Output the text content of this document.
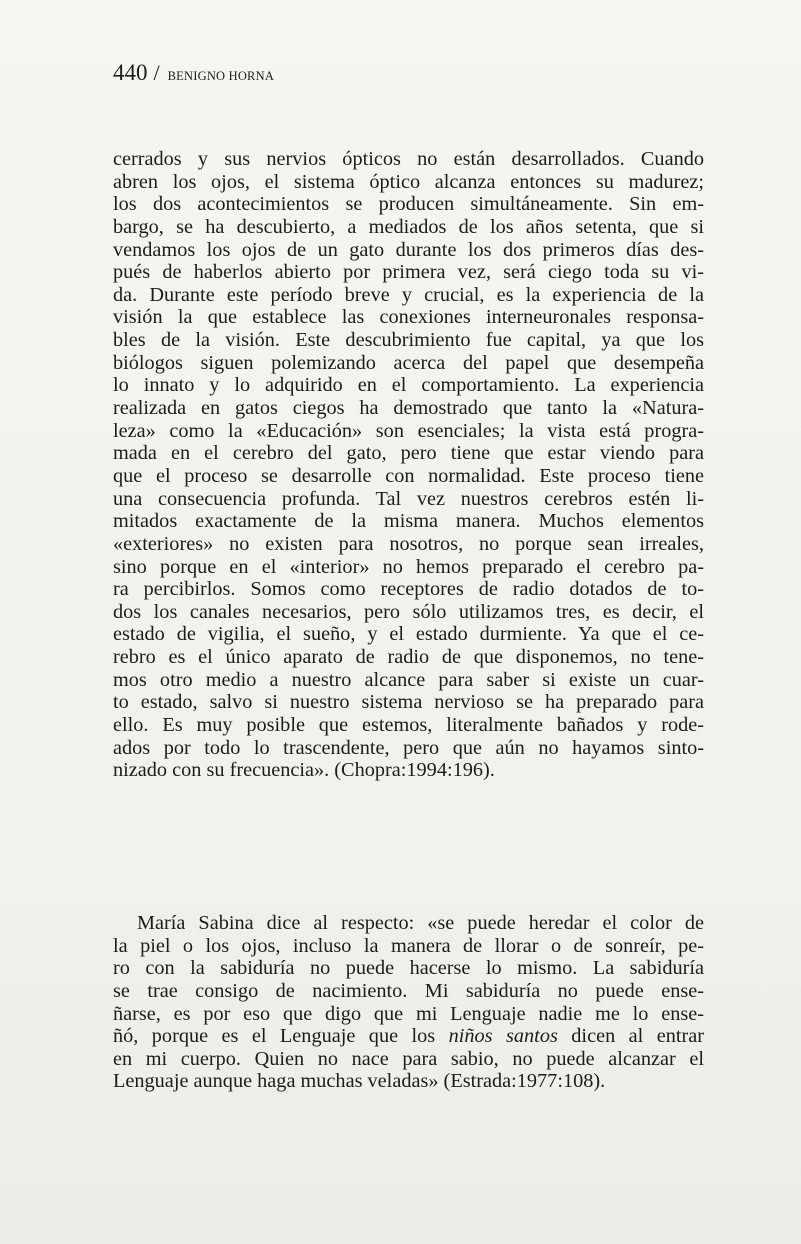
440 / BENIGNO HORNA
cerrados y sus nervios ópticos no están desarrollados. Cuando
abren los ojos, el sistema óptico alcanza entonces su madurez;
los dos acontecimientos se producen simultáneamente. Sin em-
bargo, se ha descubierto, a mediados de los años setenta, que si
vendamos los ojos de un gato durante los dos primeros días des-
pués de haberlos abierto por primera vez, será ciego toda su vi-
da. Durante este período breve y crucial, es la experiencia de la
visión la que establece las conexiones interneuronales responsa-
bles de la visión. Este descubrimiento fue capital, ya que los
biólogos siguen polemizando acerca del papel que desempeña
lo innato y lo adquirido en el comportamiento. La experiencia
realizada en gatos ciegos ha demostrado que tanto la «Natura-
leza» como la «Educación» son esenciales; la vista está progra-
mada en el cerebro del gato, pero tiene que estar viendo para
que el proceso se desarrolle con normalidad. Este proceso tiene
una consecuencia profunda. Tal vez nuestros cerebros estén li-
mitados exactamente de la misma manera. Muchos elementos
«exteriores» no existen para nosotros, no porque sean irreales,
sino porque en el «interior» no hemos preparado el cerebro pa-
ra percibirlos. Somos como receptores de radio dotados de to-
dos los canales necesarios, pero sólo utilizamos tres, es decir, el
estado de vigilia, el sueño, y el estado durmiente. Ya que el ce-
rebro es el único aparato de radio de que disponemos, no tene-
mos otro medio a nuestro alcance para saber si existe un cuar-
to estado, salvo si nuestro sistema nervioso se ha preparado para
ello. Es muy posible que estemos, literalmente bañados y rode-
ados por todo lo trascendente, pero que aún no hayamos sinto-
nizado con su frecuencia». (Chopra:1994:196).
María Sabina dice al respecto: «se puede heredar el color de
la piel o los ojos, incluso la manera de llorar o de sonreír, pe-
ro con la sabiduría no puede hacerse lo mismo. La sabiduría
se trae consigo de nacimiento. Mi sabiduría no puede ense-
ñarse, es por eso que digo que mi Lenguaje nadie me lo ense-
ñó, porque es el Lenguaje que los niños santos dicen al entrar
en mi cuerpo. Quien no nace para sabio, no puede alcanzar el
Lenguaje aunque haga muchas veladas» (Estrada:1977:108).
